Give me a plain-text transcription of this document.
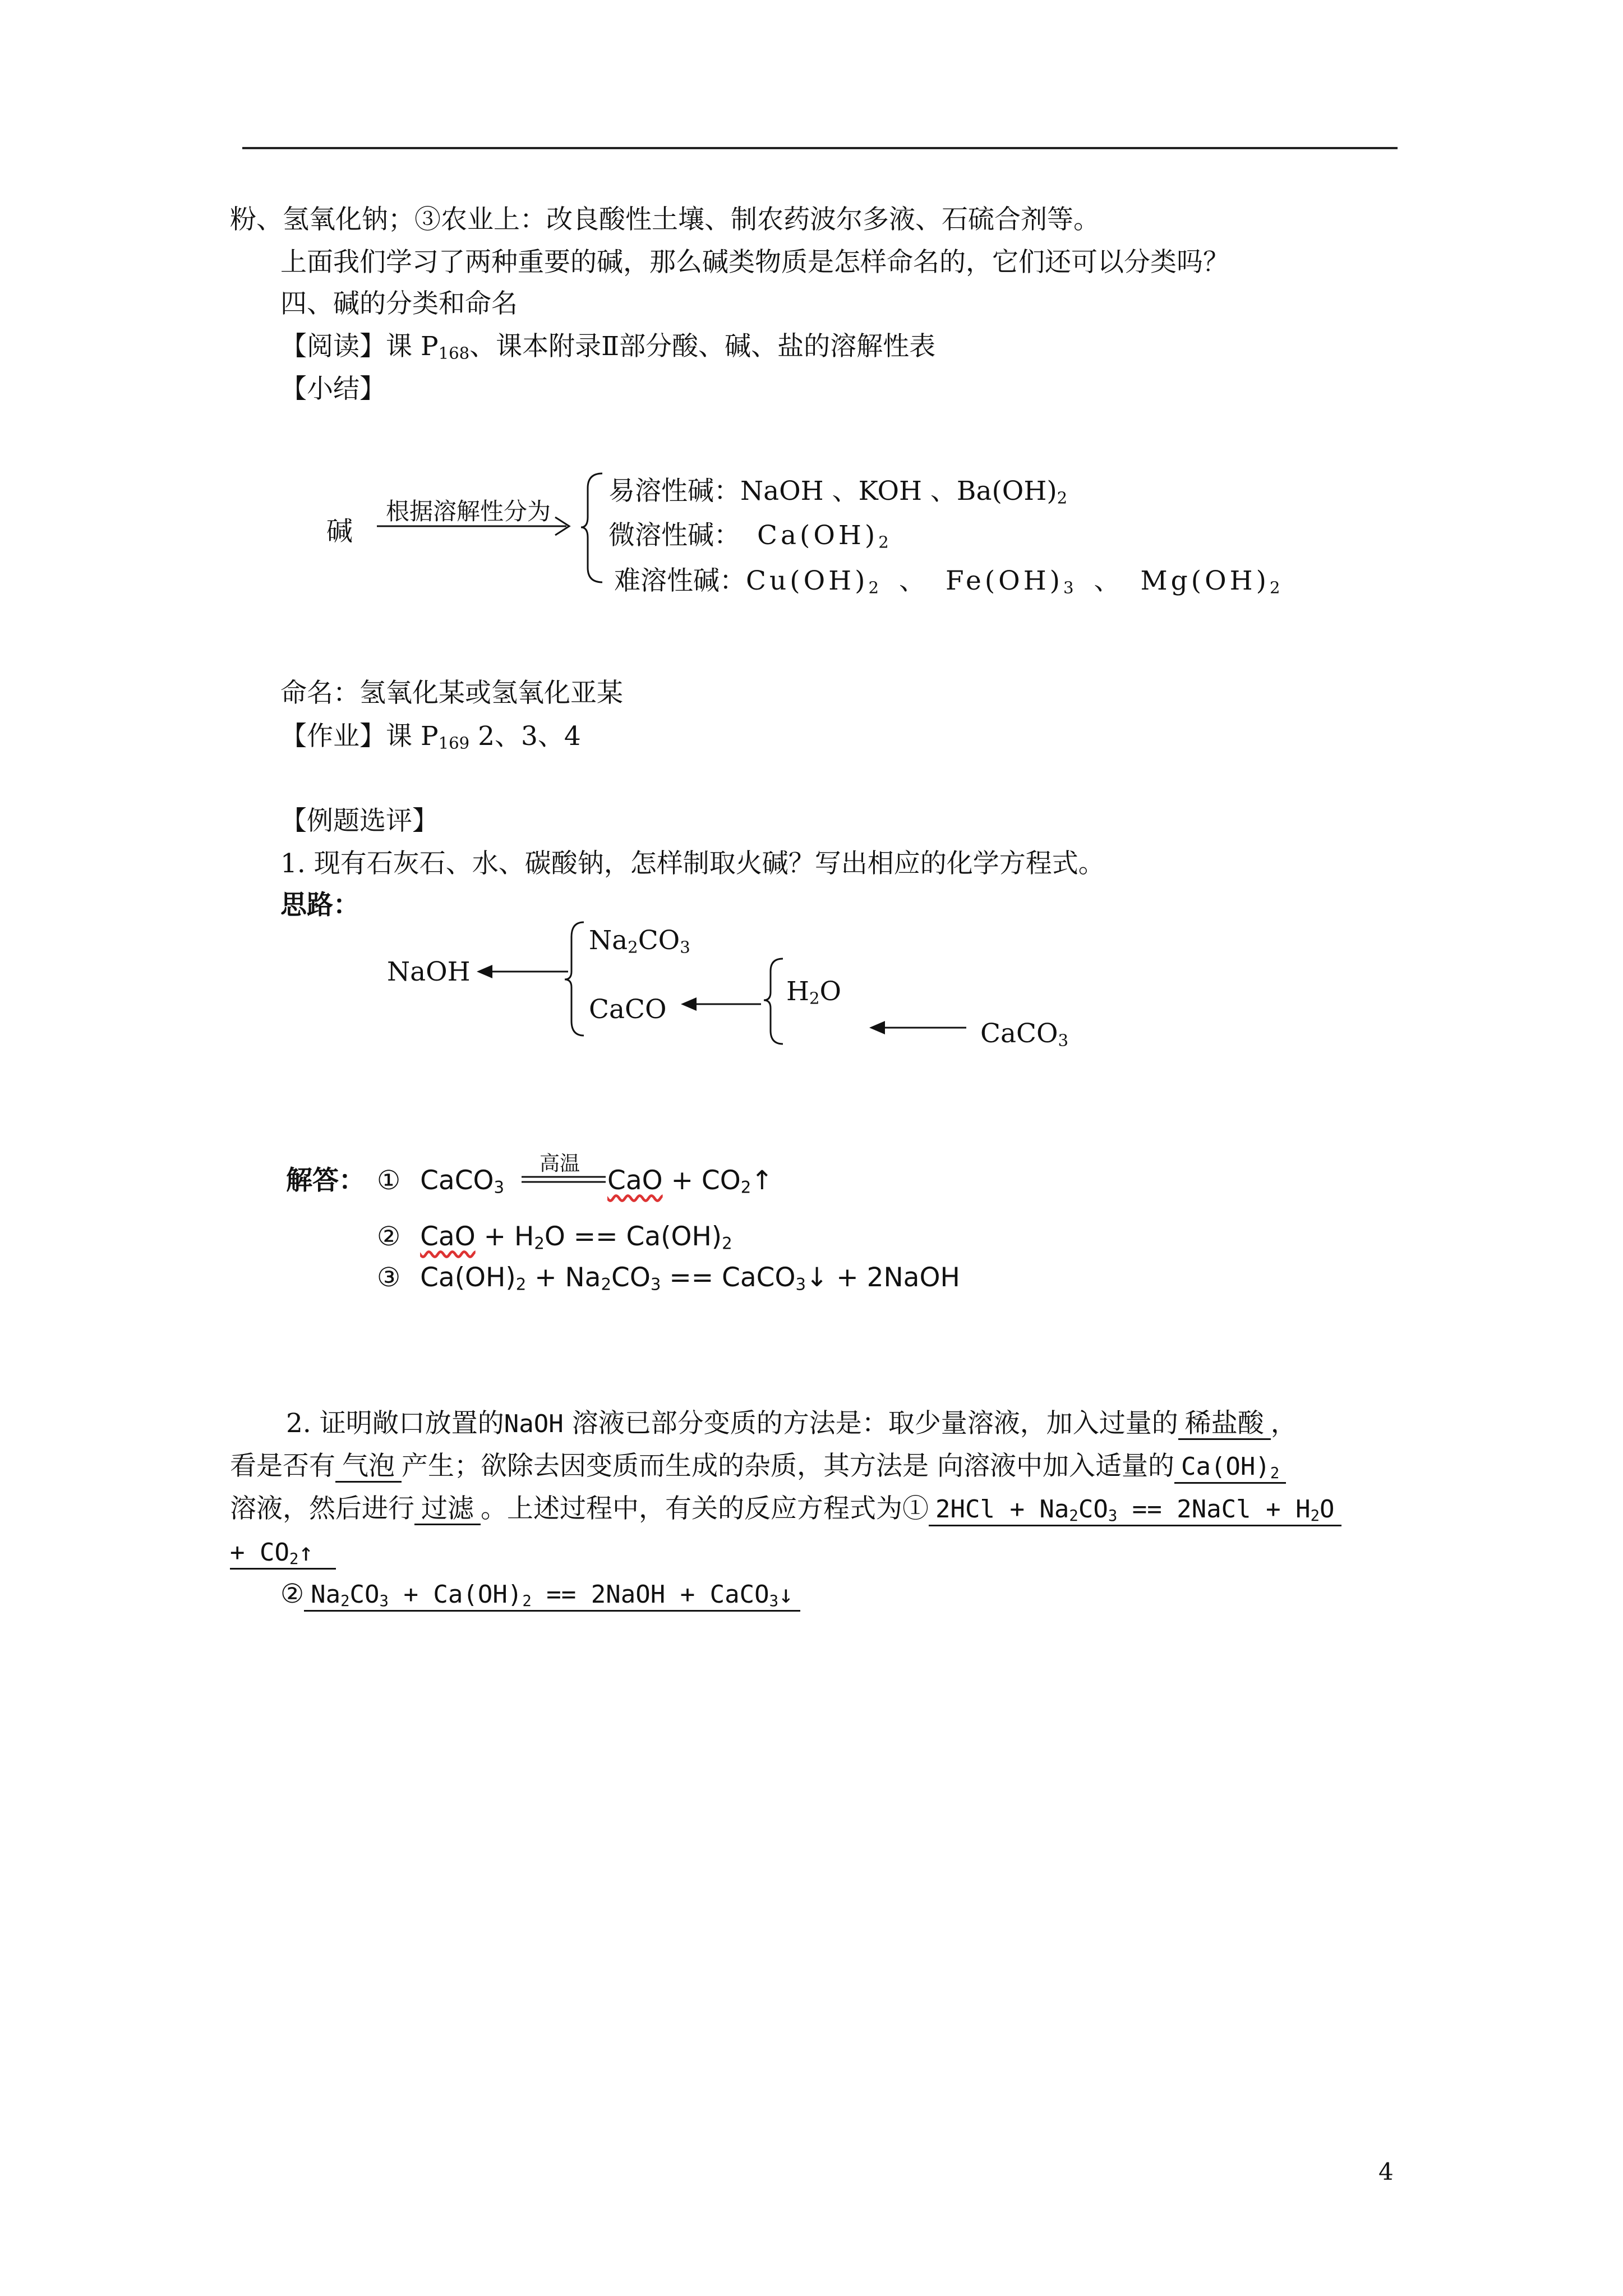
粉、氢氧化钠；③农业上：改良酸性土壤、制农药波尔多液、石硫合剂等。
上面我们学习了两种重要的碱，那么碱类物质是怎样命名的，它们还可以分类吗？
四、碱的分类和命名
【阅读】课 $P_{168}$、课本附录Ⅱ部分酸、碱、盐的溶解性表
【小结】
碱
根据溶解性分为
易溶性碱：NaOH 、KOH 、$Ba(OH)_2$
微溶性碱： $Ca(OH)_2$
难溶性碱：$Cu(OH)_2$ 、 $Fe(OH)_3$ 、 $Mg(OH)_2$
命名：氢氧化某或氢氧化亚某
【作业】课 $P_{169}$ 2、3、4
【例题选评】
1. 现有石灰石、水、碳酸钠，怎样制取火碱？写出相应的化学方程式。
思路：
NaOH
$Na_2CO_3$
CaCO
$H_2O$
CaCO$_3$
解答： ① CaCO$_3$
高温
CaO + $CO_2↑$
② CaO + $H_2O == Ca(OH)_2$
③ $Ca(OH)_2 + Na_2CO_3$ == CaCO$_3$↓ + 2NaOH
2. 证明敞口放置的NaOH 溶液已部分变质的方法是：取少量溶液，加入过量的 稀盐酸 ，
看是否有 气泡 产生；欲除去因变质而生成的杂质，其方法是 向溶液中加入适量的 $Ca(OH)_2$
溶液，然后进行 过滤 。上述过程中，有关的反应方程式为① $2HCl + Na_2CO_3$ == 2NaCl + $H_2O$
+ $CO_2↑$
② $Na_2CO_3 + Ca(OH)_2$ == 2NaOH + CaCO$_3$↓
4
